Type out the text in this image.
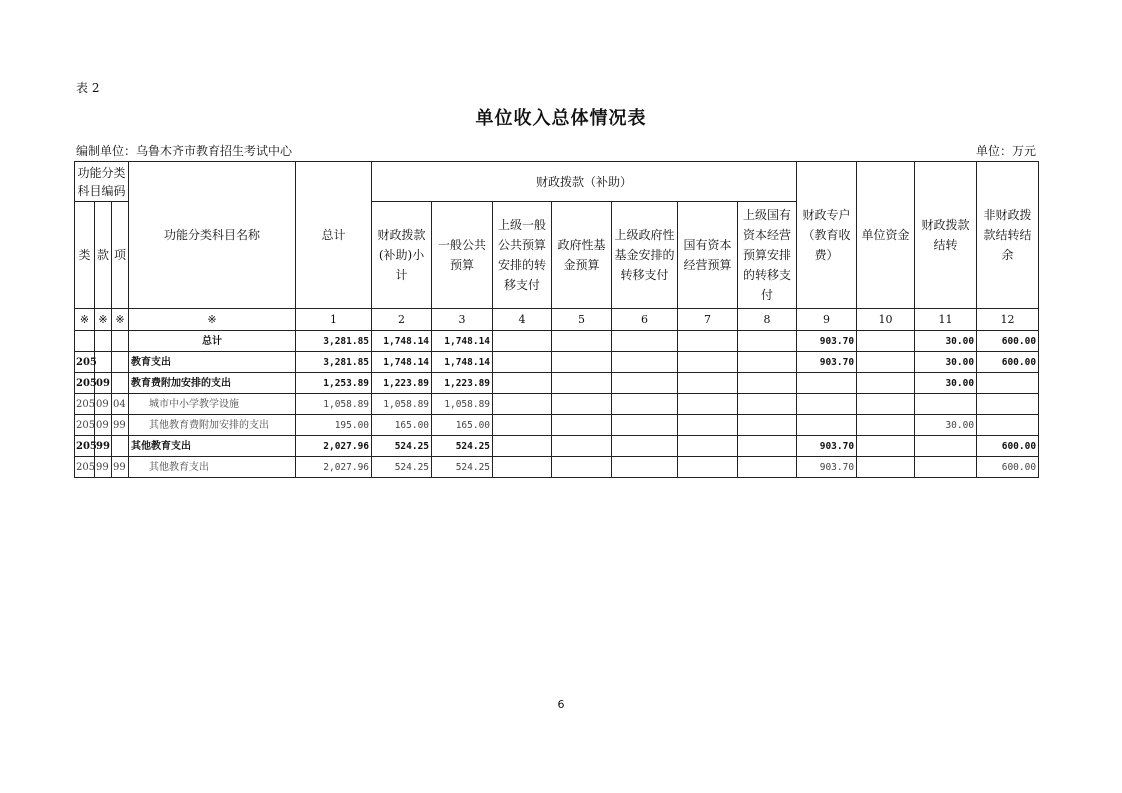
表 2
单位收入总体情况表
编制单位：乌鲁木齐市教育招生考试中心	单位：万元
功能分类科目编码			功能分类科目名称	总计	财政拨款（补助）							财政专户（教育收费）	单位资金	财政拨款结转	非财政拨款结转结余
类	款	项			财政拨款(补助)小计	一般公共预算	上级一般公共预算安排的转移支付	政府性基金预算	上级政府性基金安排的转移支付	国有资本经营预算	上级国有资本经营预算安排的转移支付				

※	※	※	※	1	2	3	4	5	6	7	8	9	10	11	12
			总计	3,281.85	1,748.14	1,748.14						903.70		30.00	600.00
205			教育支出	3,281.85	1,748.14	1,748.14						903.70		30.00	600.00
205	09		教育费附加安排的支出	1,253.89	1,223.89	1,223.89								30.00	
205	09	04	城市中小学教学设施	1,058.89	1,058.89	1,058.89									
205	09	99	其他教育费附加安排的支出	195.00	165.00	165.00								30.00	
205	99		其他教育支出	2,027.96	524.25	524.25						903.70			600.00
205	99	99	其他教育支出	2,027.96	524.25	524.25						903.70			600.00
6
